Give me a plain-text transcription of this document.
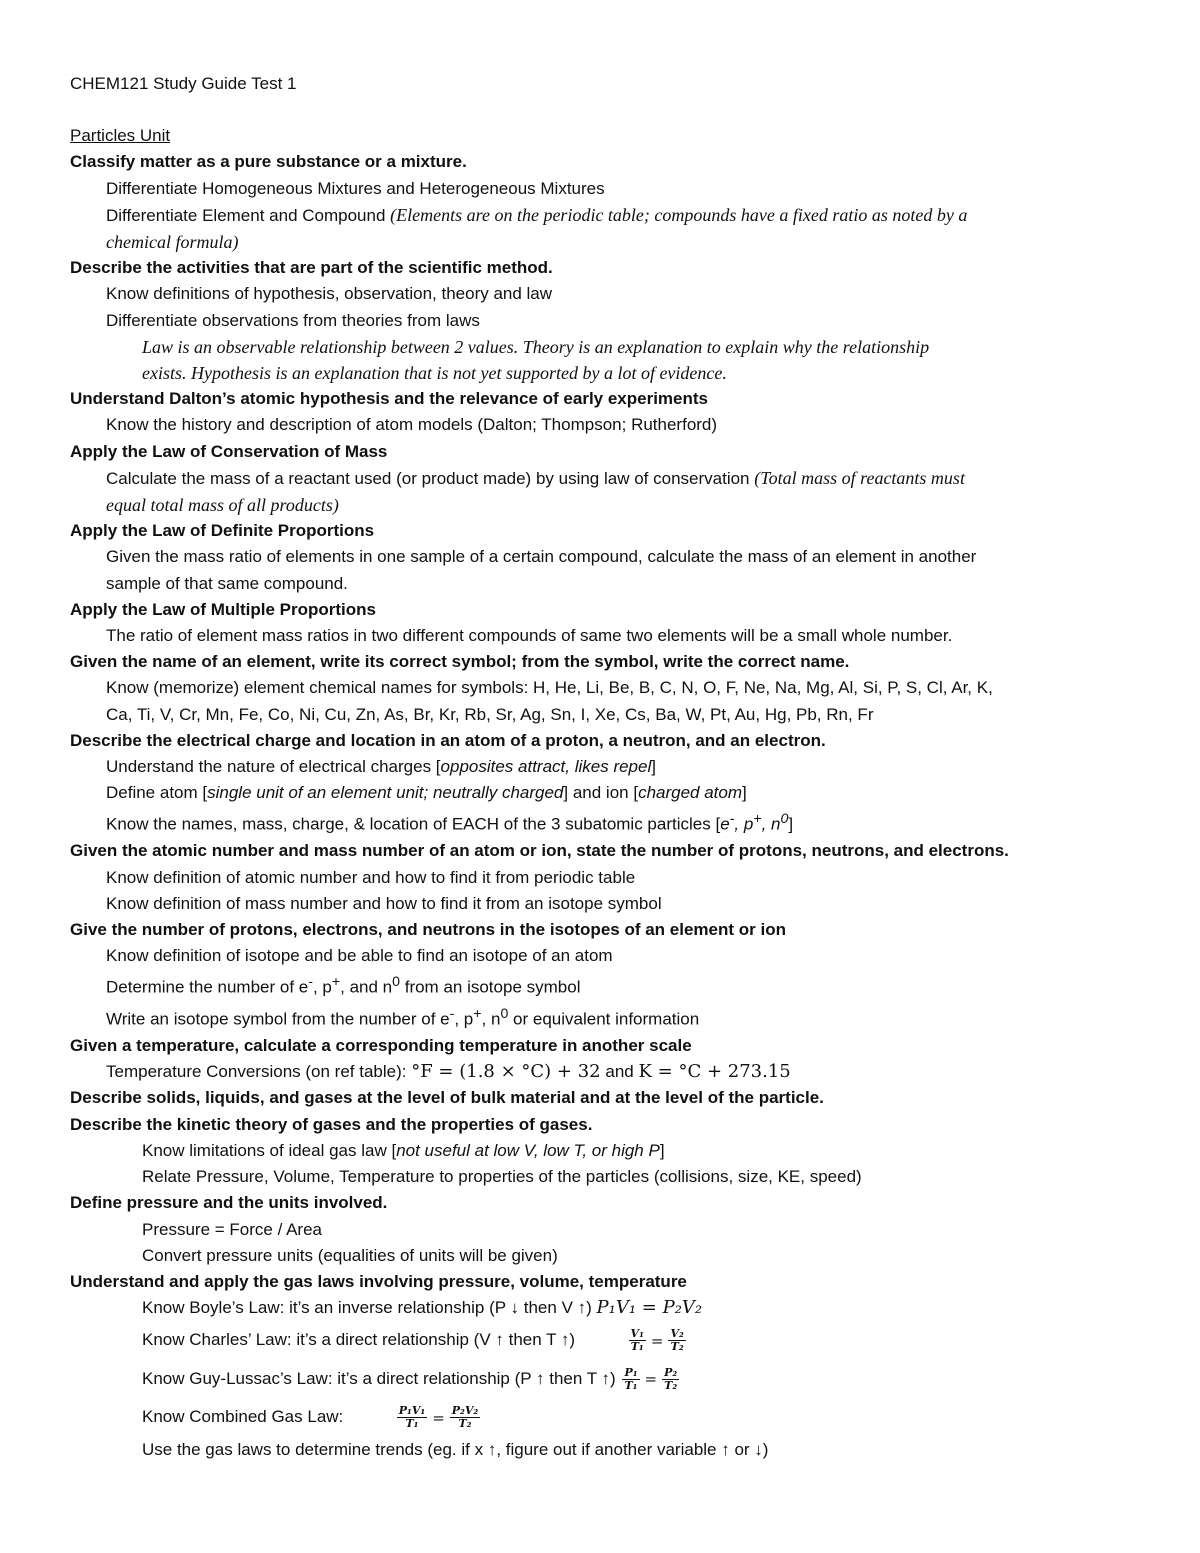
CHEM121 Study Guide Test 1
Particles Unit
Classify matter as a pure substance or a mixture.
Differentiate Homogeneous Mixtures and Heterogeneous Mixtures
Differentiate Element and Compound (Elements are on the periodic table; compounds have a fixed ratio as noted by a
chemical formula)
Describe the activities that are part of the scientific method.
Know definitions of hypothesis, observation, theory and law
Differentiate observations from theories from laws
Law is an observable relationship between 2 values. Theory is an explanation to explain why the relationship
exists. Hypothesis is an explanation that is not yet supported by a lot of evidence.
Understand Dalton’s atomic hypothesis and the relevance of early experiments
Know the history and description of atom models (Dalton; Thompson; Rutherford)
Apply the Law of Conservation of Mass
Calculate the mass of a reactant used (or product made) by using law of conservation (Total mass of reactants must
equal total mass of all products)
Apply the Law of Definite Proportions
Given the mass ratio of elements in one sample of a certain compound, calculate the mass of an element in another
sample of that same compound.
Apply the Law of Multiple Proportions
The ratio of element mass ratios in two different compounds of same two elements will be a small whole number.
Given the name of an element, write its correct symbol; from the symbol, write the correct name.
Know (memorize) element chemical names for symbols: H, He, Li, Be, B, C, N, O, F, Ne, Na, Mg, Al, Si, P, S, Cl, Ar, K,
Ca, Ti, V, Cr, Mn, Fe, Co, Ni, Cu, Zn, As, Br, Kr, Rb, Sr, Ag, Sn, I, Xe, Cs, Ba, W, Pt, Au, Hg, Pb, Rn, Fr
Describe the electrical charge and location in an atom of a proton, a neutron, and an electron.
Understand the nature of electrical charges [opposites attract, likes repel]
Define atom [single unit of an element unit; neutrally charged] and ion [charged atom]
Know the names, mass, charge, & location of EACH of the 3 subatomic particles [e-, p+, $n^0$]
Given the atomic number and mass number of an atom or ion, state the number of protons, neutrons, and electrons.
Know definition of atomic number and how to find it from periodic table
Know definition of mass number and how to find it from an isotope symbol
Give the number of protons, electrons, and neutrons in the isotopes of an element or ion
Know definition of isotope and be able to find an isotope of an atom
Determine the number of e-, p+, and $n^0$ from an isotope symbol
Write an isotope symbol from the number of e-, p+, $n^0$ or equivalent information
Given a temperature, calculate a corresponding temperature in another scale
Temperature Conversions (on ref table): °F = (1.8 × °C) + 32 and K = °C + 273.15
Describe solids, liquids, and gases at the level of bulk material and at the level of the particle.
Describe the kinetic theory of gases and the properties of gases.
Know limitations of ideal gas law [not useful at low V, low T, or high P]
Relate Pressure, Volume, Temperature to properties of the particles (collisions, size, KE, speed)
Define pressure and the units involved.
Pressure = Force / Area
Convert pressure units (equalities of units will be given)
Understand and apply the gas laws involving pressure, volume, temperature
Know Boyle’s Law: it’s an inverse relationship (P ↓ then V ↑) P₁V₁ = P₂V₂
Know Charles’ Law: it’s a direct relationship (V ↑ then T ↑)	$\frac{\text{V₁}}{\text{T₁}} = \frac{\text{V₂}}{\text{T₂}}$
Know Guy-Lussac’s Law: it’s a direct relationship (P ↑ then T ↑) $\frac{\text{P₁}}{\text{T₁}} = \frac{\text{P₂}}{\text{T₂}}$
Know Combined Gas Law:	$\frac{\text{P₁V₁}}{\text{T₁}} = \frac{\text{P₂V₂}}{\text{T₂}}$
Use the gas laws to determine trends (eg. if x ↑, figure out if another variable ↑ or ↓)
